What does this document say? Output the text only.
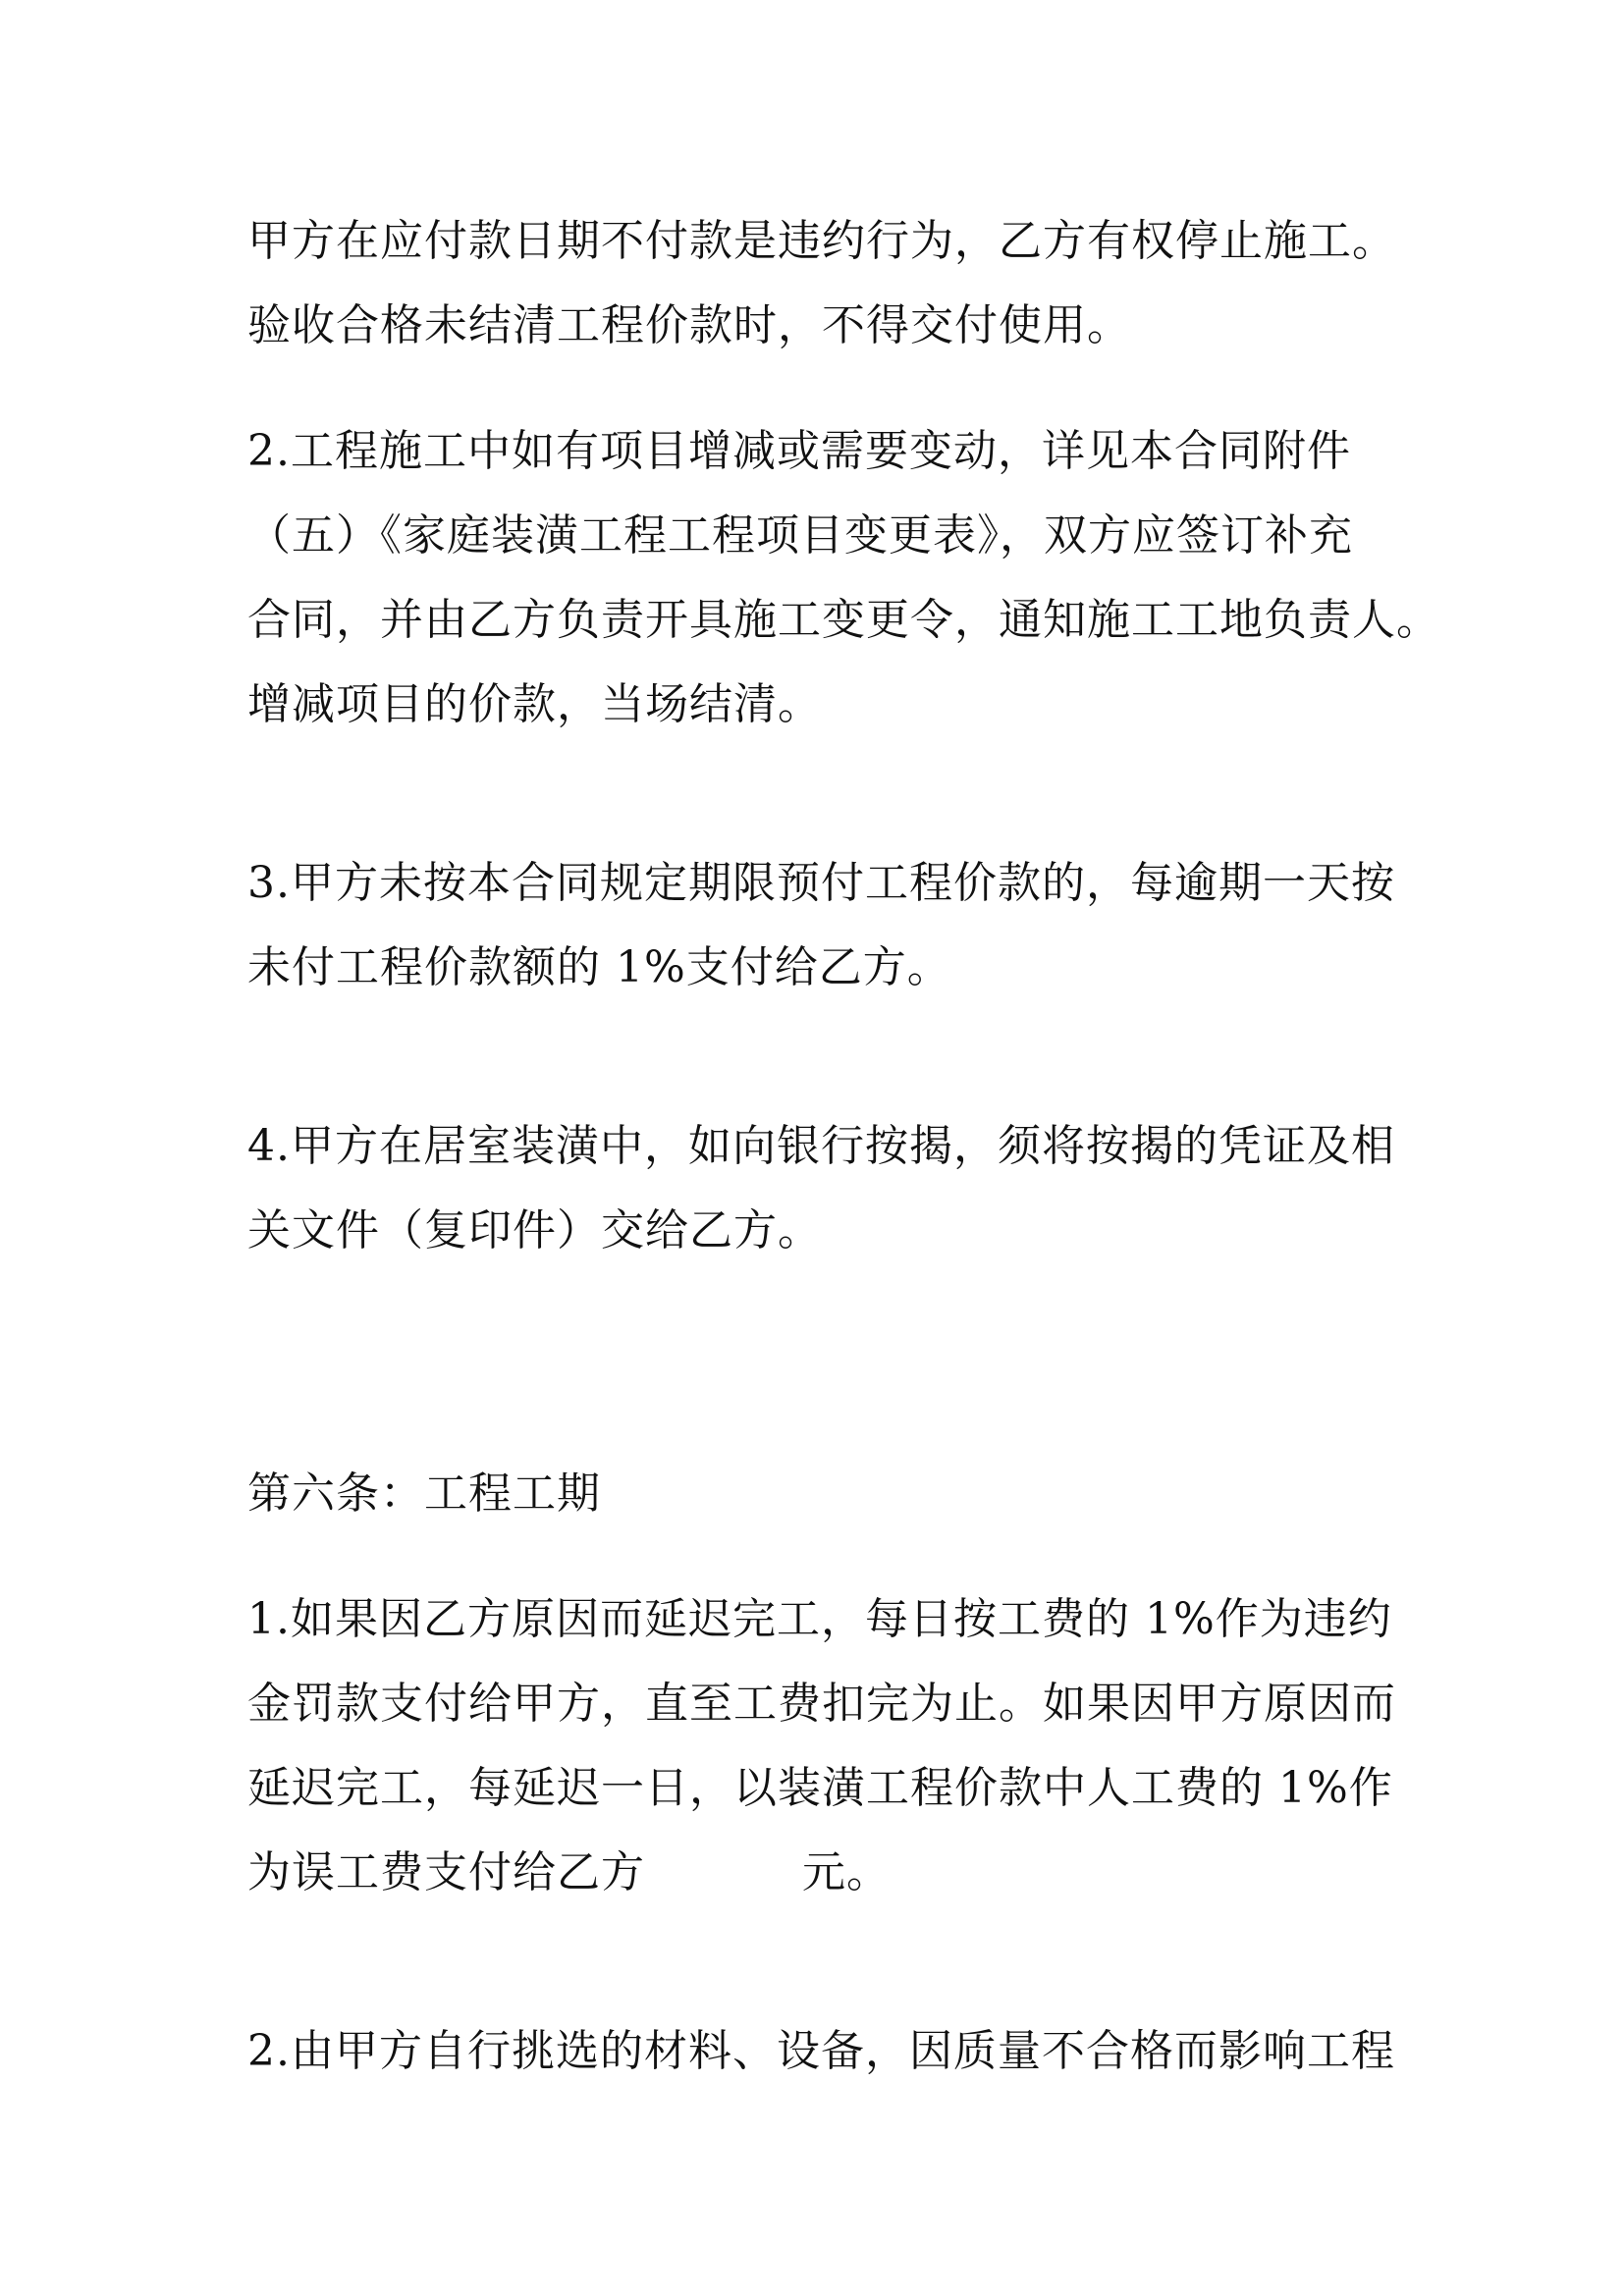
甲方在应付款日期不付款是违约行为，乙方有权停止施工。
验收合格未结清工程价款时，不得交付使用。
2.工程施工中如有项目增减或需要变动，详见本合同附件
（五）《家庭装潢工程工程项目变更表》，双方应签订补充
合同，并由乙方负责开具施工变更令，通知施工工地负责人。
增减项目的价款，当场结清。
3.甲方未按本合同规定期限预付工程价款的，每逾期一天按
未付工程价款额的 1%支付给乙方。
4.甲方在居室装潢中，如向银行按揭，须将按揭的凭证及相
关文件（复印件）交给乙方。
第六条：工程工期
1.如果因乙方原因而延迟完工，每日按工费的 1%作为违约
金罚款支付给甲方，直至工费扣完为止。如果因甲方原因而
延迟完工，每延迟一日，以装潢工程价款中人工费的 1%作
为误工费支付给乙方	元。
2.由甲方自行挑选的材料、设备，因质量不合格而影响工程
